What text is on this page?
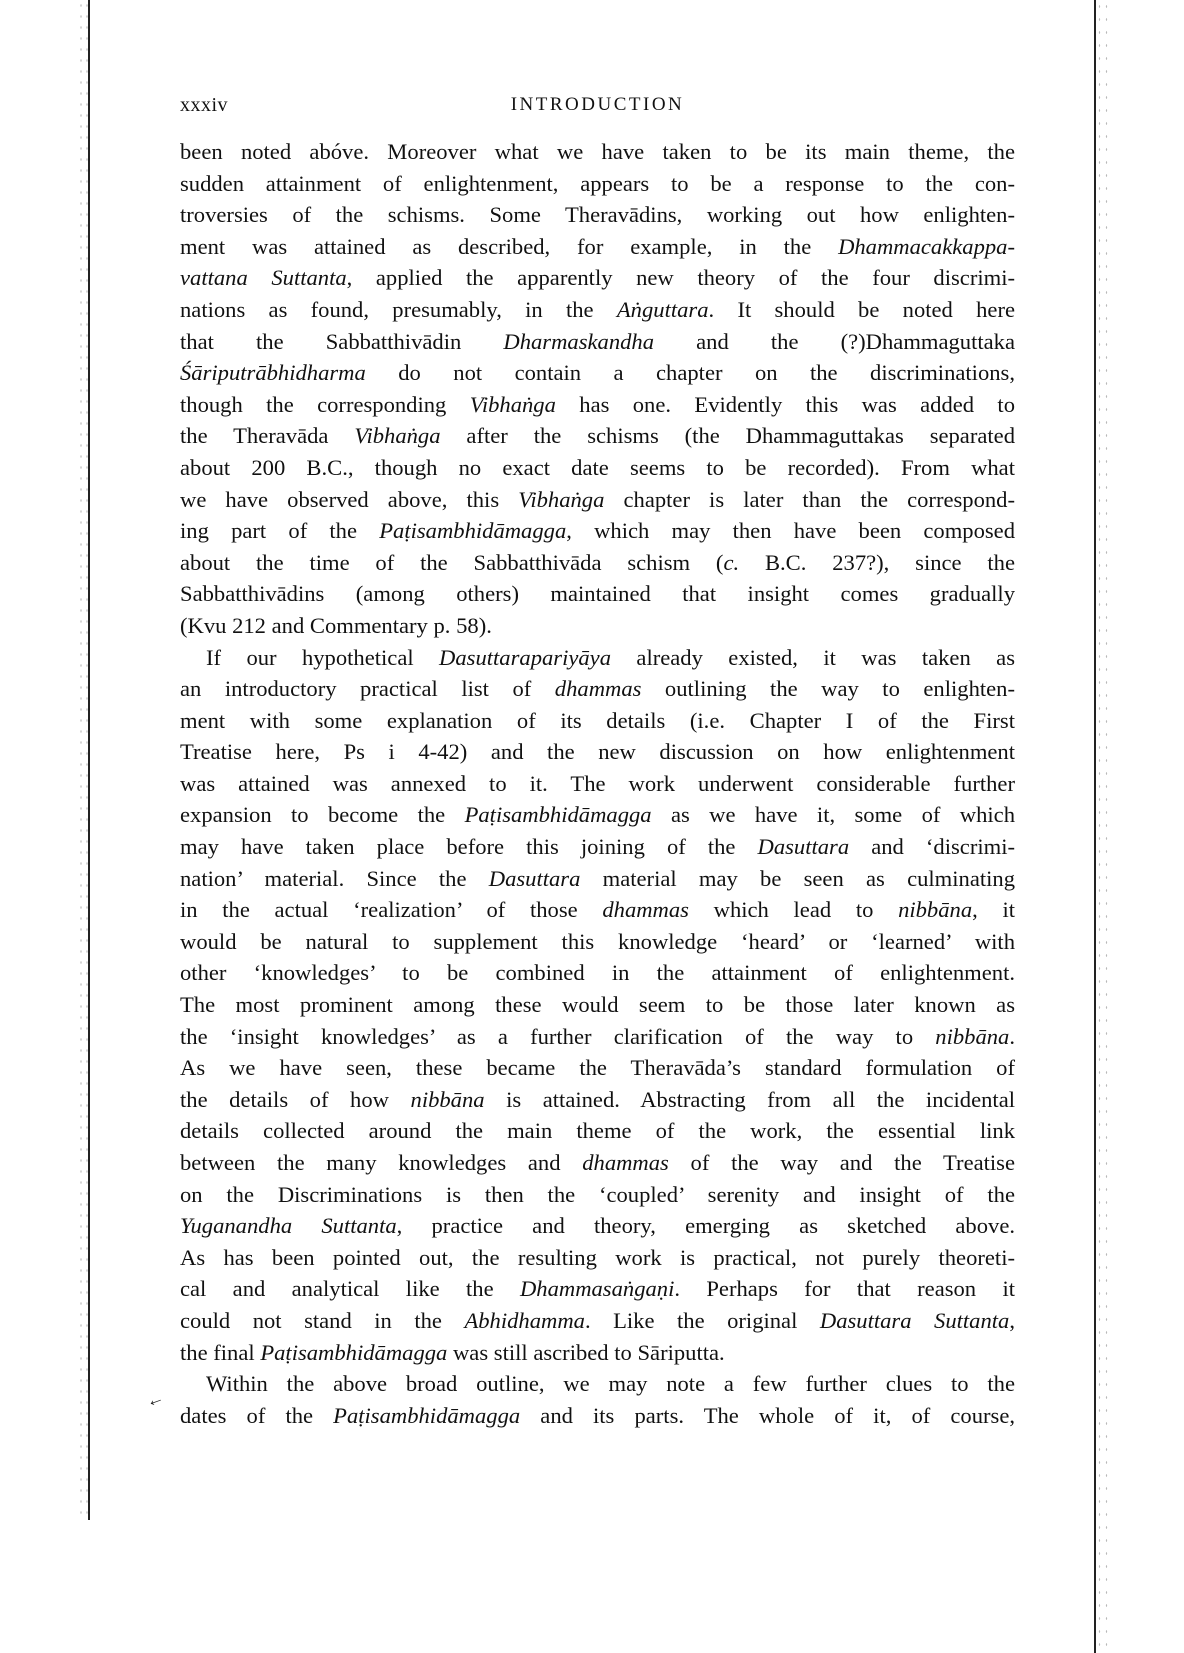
xxxiv	INTRODUCTION
been noted abóve. Moreover what we have taken to be its main theme, the
sudden attainment of enlightenment, appears to be a response to the con-
troversies of the schisms. Some Theravādins, working out how enlighten-
ment was attained as described, for example, in the Dhammacakkappa-
vattana Suttanta, applied the apparently new theory of the four discrimi-
nations as found, presumably, in the Aṅguttara. It should be noted here
that the Sabbatthivādin Dharmaskandha and the (?)Dhammaguttaka
Śāriputrābhidharma do not contain a chapter on the discriminations,
though the corresponding Vibhaṅga has one. Evidently this was added to
the Theravāda Vibhaṅga after the schisms (the Dhammaguttakas separated
about 200 B.C., though no exact date seems to be recorded). From what
we have observed above, this Vibhaṅga chapter is later than the correspond-
ing part of the Paṭisambhidāmagga, which may then have been composed
about the time of the Sabbatthivāda schism (c. B.C. 237?), since the
Sabbatthivādins (among others) maintained that insight comes gradually
(Kvu 212 and Commentary p. 58).
If our hypothetical Dasuttarapariyāya already existed, it was taken as
an introductory practical list of dhammas outlining the way to enlighten-
ment with some explanation of its details (i.e. Chapter I of the First
Treatise here, Ps i 4-42) and the new discussion on how enlightenment
was attained was annexed to it. The work underwent considerable further
expansion to become the Paṭisambhidāmagga as we have it, some of which
may have taken place before this joining of the Dasuttara and ‘discrimi-
nation’ material. Since the Dasuttara material may be seen as culminating
in the actual ‘realization’ of those dhammas which lead to nibbāna, it
would be natural to supplement this knowledge ‘heard’ or ‘learned’ with
other ‘knowledges’ to be combined in the attainment of enlightenment.
The most prominent among these would seem to be those later known as
the ‘insight knowledges’ as a further clarification of the way to nibbāna.
As we have seen, these became the Theravāda’s standard formulation of
the details of how nibbāna is attained. Abstracting from all the incidental
details collected around the main theme of the work, the essential link
between the many knowledges and dhammas of the way and the Treatise
on the Discriminations is then the ‘coupled’ serenity and insight of the
Yuganandha Suttanta, practice and theory, emerging as sketched above.
As has been pointed out, the resulting work is practical, not purely theoreti-
cal and analytical like the Dhammasaṅgaṇi. Perhaps for that reason it
could not stand in the Abhidhamma. Like the original Dasuttara Suttanta,
the final Paṭisambhidāmagga was still ascribed to Sāriputta.
Within the above broad outline, we may note a few further clues to the
dates of the Paṭisambhidāmagga and its parts. The whole of it, of course,
←
